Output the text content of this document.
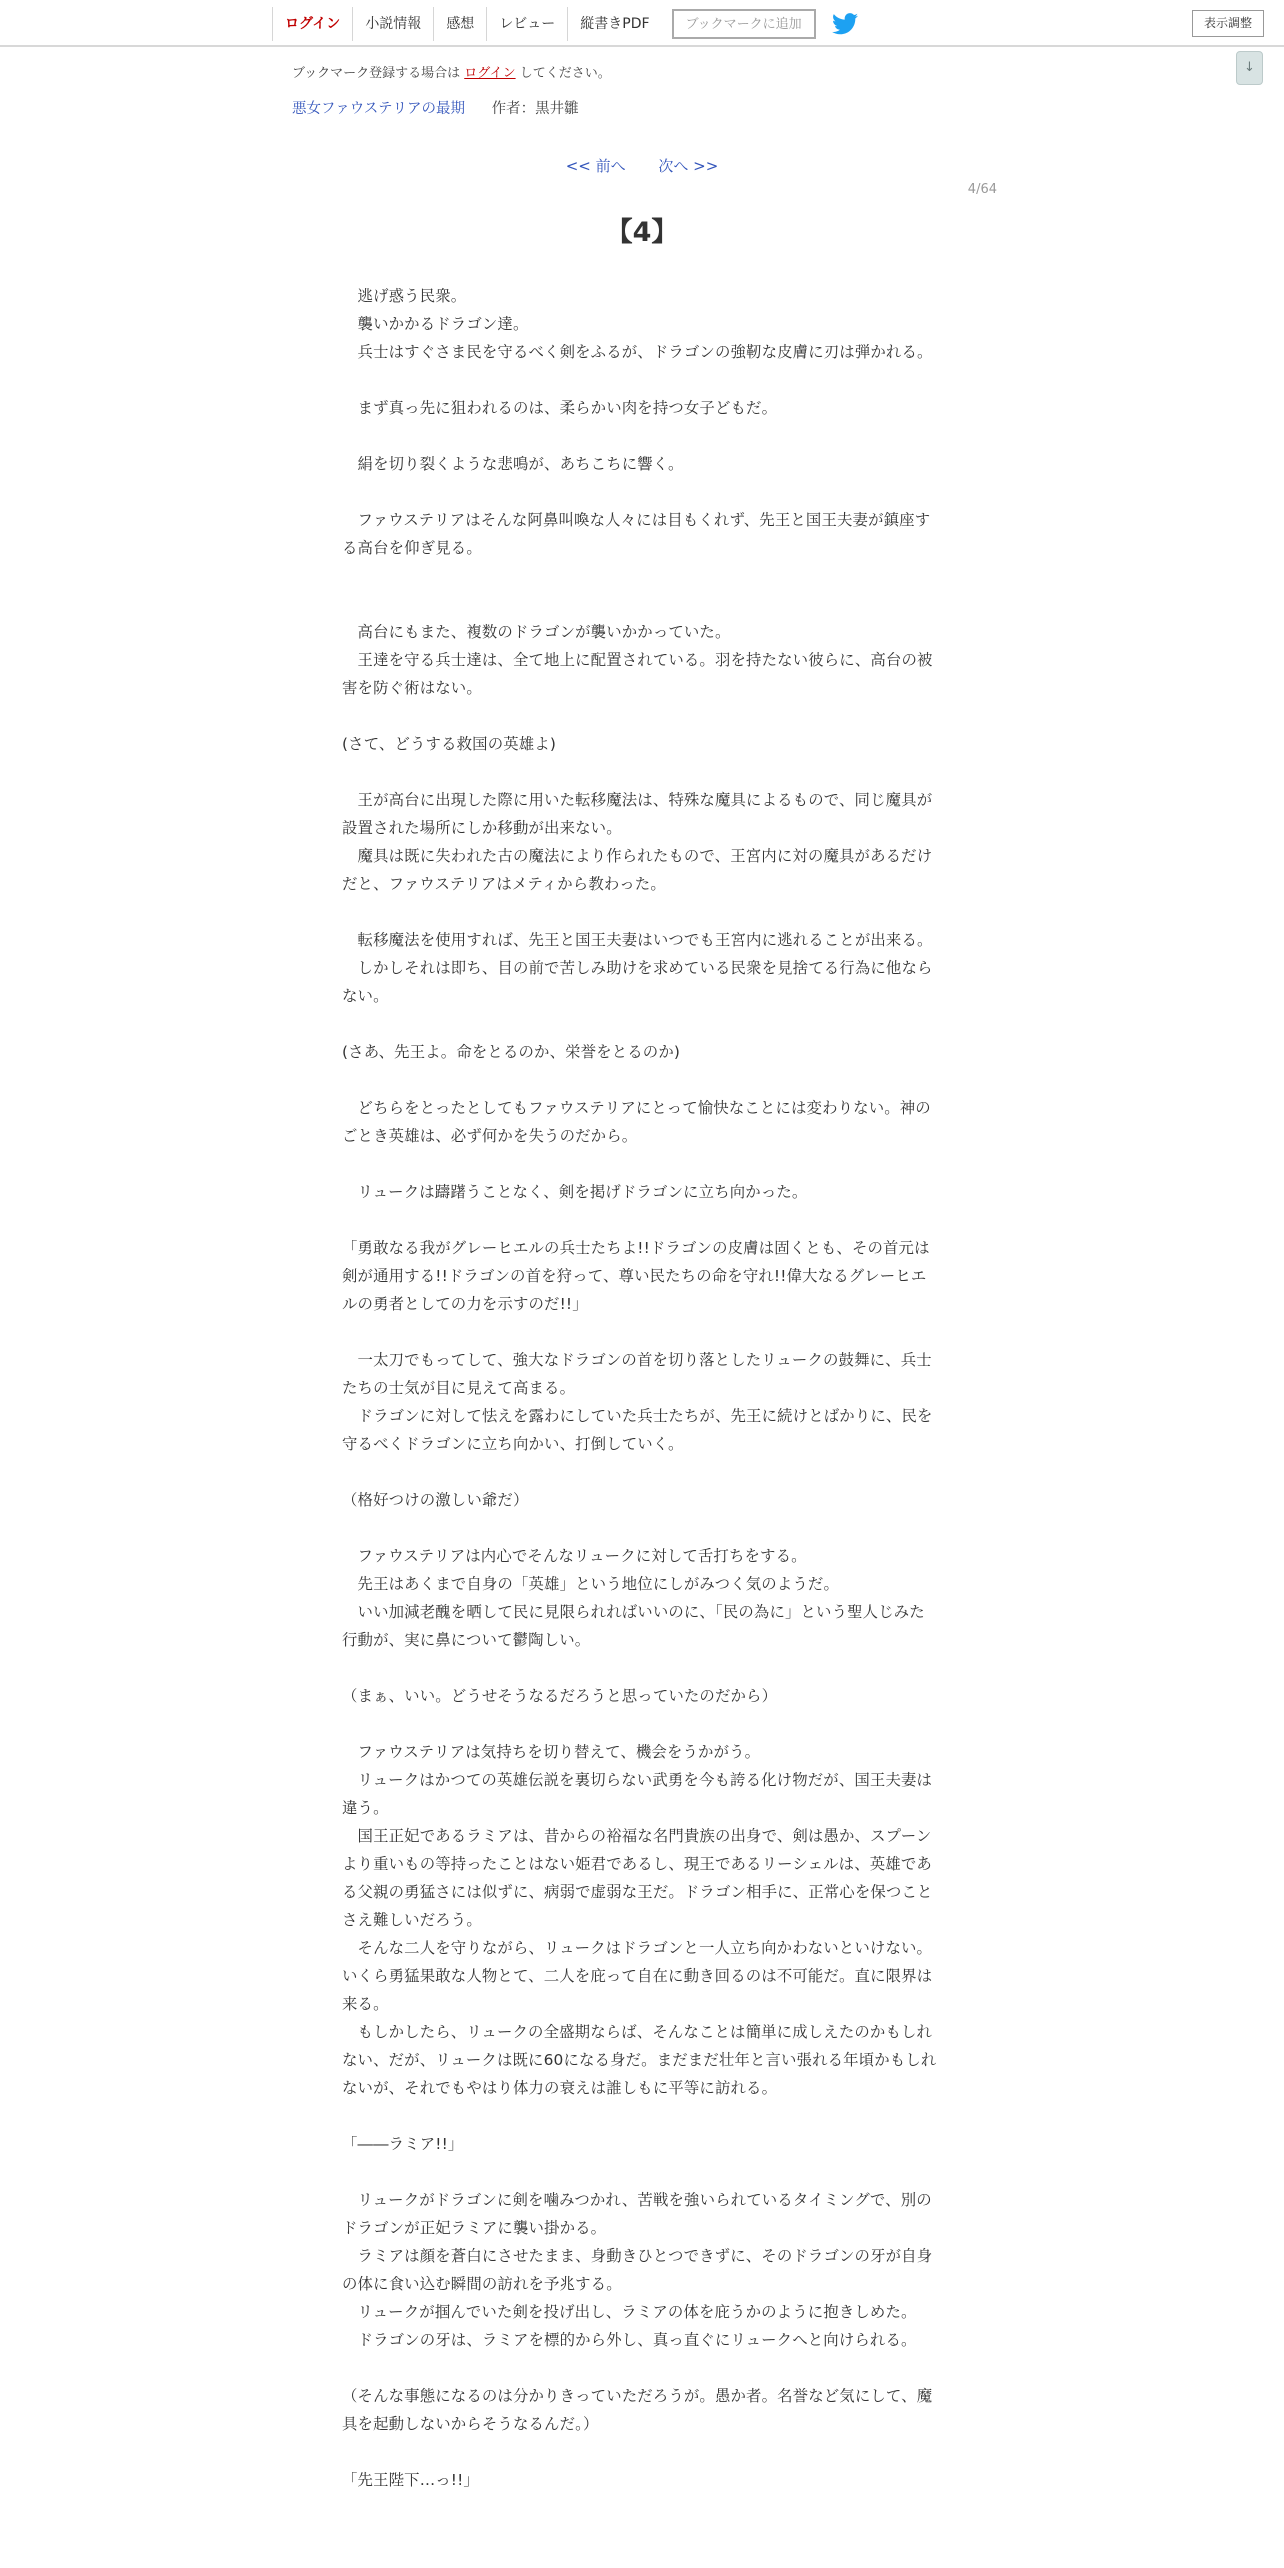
ログイン	小説情報	感想	レビュー	縦書きPDF	ブックマークに追加	表示調整
↓
ブックマーク登録する場合は ログイン してください。
悪女ファウステリアの最期 作者：黒井雛
<< 前へ 次へ >>
4/64
【4】

　逃げ惑う民衆。

　襲いかかるドラゴン達。

　兵士はすぐさま民を守るべく剣をふるが、ドラゴンの強靭な皮膚に刃は弾かれる。

　まず真っ先に狙われるのは、柔らかい肉を持つ女子どもだ。

　絹を切り裂くような悲鳴が、あちこちに響く。

　ファウステリアはそんな阿鼻叫喚な人々には目もくれず、先王と国王夫妻が鎮座する高台を仰ぎ見る。

　高台にもまた、複数のドラゴンが襲いかかっていた。

　王達を守る兵士達は、全て地上に配置されている。羽を持たない彼らに、高台の被害を防ぐ術はない。

(さて、どうする救国の英雄よ)

　王が高台に出現した際に用いた転移魔法は、特殊な魔具によるもので、同じ魔具が設置された場所にしか移動が出来ない。

　魔具は既に失われた古の魔法により作られたもので、王宮内に対の魔具があるだけだと、ファウステリアはメティから教わった。

　転移魔法を使用すれば、先王と国王夫妻はいつでも王宮内に逃れることが出来る。

　しかしそれは即ち、目の前で苦しみ助けを求めている民衆を見捨てる行為に他ならない。

(さあ、先王よ。命をとるのか、栄誉をとるのか)

　どちらをとったとしてもファウステリアにとって愉快なことには変わりない。神のごとき英雄は、必ず何かを失うのだから。

　リュークは躊躇うことなく、剣を掲げドラゴンに立ち向かった。

「勇敢なる我がグレーヒエルの兵士たちよ!!ドラゴンの皮膚は固くとも、その首元は剣が通用する!!ドラゴンの首を狩って、尊い民たちの命を守れ!!偉大なるグレーヒエルの勇者としての力を示すのだ!!」

　一太刀でもってして、強大なドラゴンの首を切り落としたリュークの鼓舞に、兵士たちの士気が目に見えて高まる。

　ドラゴンに対して怯えを露わにしていた兵士たちが、先王に続けとばかりに、民を守るべくドラゴンに立ち向かい、打倒していく。

（格好つけの激しい爺だ）

　ファウステリアは内心でそんなリュークに対して舌打ちをする。

　先王はあくまで自身の「英雄」という地位にしがみつく気のようだ。

　いい加減老醜を晒して民に見限られればいいのに、「民の為に」という聖人じみた行動が、実に鼻について鬱陶しい。

（まぁ、いい。どうせそうなるだろうと思っていたのだから）

　ファウステリアは気持ちを切り替えて、機会をうかがう。

　リュークはかつての英雄伝説を裏切らない武勇を今も誇る化け物だが、国王夫妻は違う。

　国王正妃であるラミアは、昔からの裕福な名門貴族の出身で、剣は愚か、スプーンより重いもの等持ったことはない姫君であるし、現王であるリーシェルは、英雄である父親の勇猛さには似ずに、病弱で虚弱な王だ。ドラゴン相手に、正常心を保つことさえ難しいだろう。

　そんな二人を守りながら、リュークはドラゴンと一人立ち向かわないといけない。いくら勇猛果敢な人物とて、二人を庇って自在に動き回るのは不可能だ。直に限界は来る。

　もしかしたら、リュークの全盛期ならば、そんなことは簡単に成しえたのかもしれない、だが、リュークは既に60になる身だ。まだまだ壮年と言い張れる年頃かもしれないが、それでもやはり体力の衰えは誰しもに平等に訪れる。

「――ラミア!!」

　リュークがドラゴンに剣を噛みつかれ、苦戦を強いられているタイミングで、別のドラゴンが正妃ラミアに襲い掛かる。

　ラミアは顔を蒼白にさせたまま、身動きひとつできずに、そのドラゴンの牙が自身の体に食い込む瞬間の訪れを予兆する。

　リュークが掴んでいた剣を投げ出し、ラミアの体を庇うかのように抱きしめた。

　ドラゴンの牙は、ラミアを標的から外し、真っ直ぐにリュークへと向けられる。

（そんな事態になるのは分かりきっていただろうが。愚か者。名誉など気にして、魔具を起動しないからそうなるんだ。）

「先王陛下…っ!!」
